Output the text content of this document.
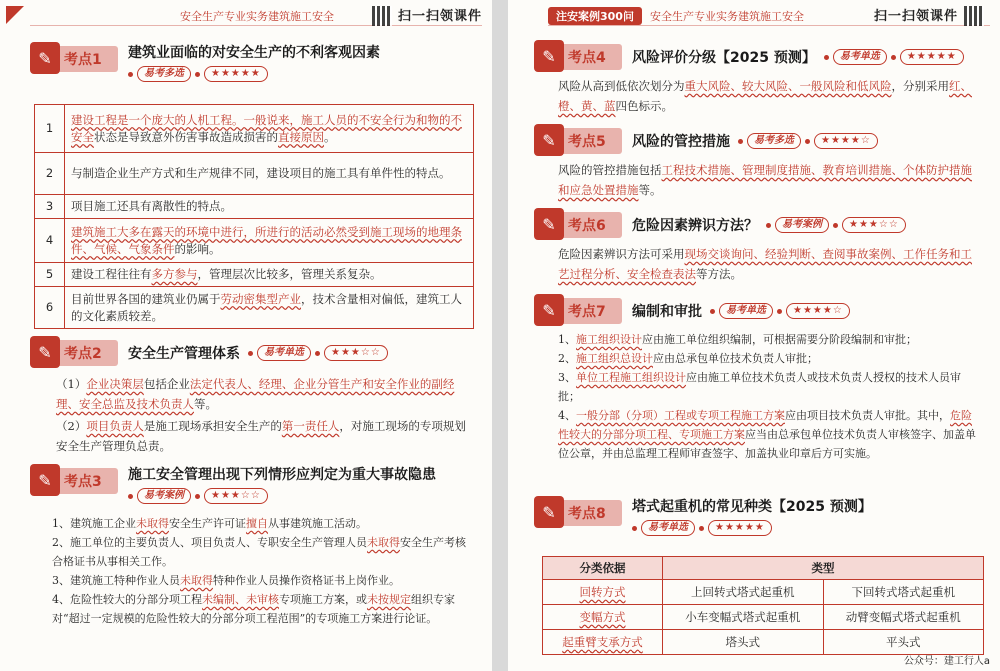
安全生产专业实务建筑施工安全	扫一扫领课件
✎ 考点1 建筑业面临的对安全生产的不利客观因素
易考多选	★★★★★
1	建设工程是一个庞大的人机工程。一般说来，施工人员的不安全行为和物的不安全状态是导致意外伤害事故造成损害的直接原因。
2	与制造企业生产方式和生产规律不同，建设项目的施工具有单件性的特点。
3	项目施工还具有离散性的特点。
4	建筑施工大多在露天的环境中进行，所进行的活动必然受到施工现场的地理条件、气候、气象条件的影响。
5	建设工程往往有多方参与，管理层次比较多，管理关系复杂。
6	目前世界各国的建筑业仍属于劳动密集型产业，技术含量相对偏低，建筑工人的文化素质较差。
✎ 考点2 安全生产管理体系	易考单选	★★★☆☆

（1）企业决策层包括企业法定代表人、经理、企业分管生产和安全作业的副经理、安全总监及技术负责人等。

（2）项目负责人是施工现场承担安全生产的第一责任人，对施工现场的专项规划安全生产管理负总责。

✎ 考点3 施工安全管理出现下列情形应判定为重大事故隐患
易考案例	★★★☆☆

1、建筑施工企业未取得安全生产许可证擅自从事建筑施工活动。

2、施工单位的主要负责人、项目负责人、专职安全生产管理人员未取得安全生产考核合格证书从事相关工作。

3、建筑施工特种作业人员未取得特种作业人员操作资格证书上岗作业。

4、危险性较大的分部分项工程未编制、未审核专项施工方案，或未按规定组织专家对“超过一定规模的危险性较大的分部分项工程范围”的专项施工方案进行论证。

注安案例300问	安全生产专业实务建筑施工安全	扫一扫领课件
✎ 考点4 风险评价分级【2025 预测】	易考单选	★★★★★

风险从高到低依次划分为重大风险、较大风险、一般风险和低风险，分别采用红、橙、黄、蓝四色标示。

✎ 考点5 风险的管控措施	易考多选	★★★★☆

风险的管控措施包括工程技术措施、管理制度措施、教育培训措施、个体防护措施和应急处置措施等。

✎ 考点6 危险因素辨识方法？	易考案例	★★★☆☆

危险因素辨识方法可采用现场交谈询问、经验判断、查阅事故案例、工作任务和工艺过程分析、安全检查表法等方法。

✎ 考点7 编制和审批	易考单选	★★★★☆

1、施工组织设计应由施工单位组织编制，可根据需要分阶段编制和审批；

2、施工组织总设计应由总承包单位技术负责人审批；

3、单位工程施工组织设计应由施工单位技术负责人或技术负责人授权的技术人员审批；

4、一般分部（分项）工程或专项工程施工方案应由项目技术负责人审批。其中，危险性较大的分部分项工程、专项施工方案应当由总承包单位技术负责人审核签字、加盖单位公章，并由总监理工程师审查签字、加盖执业印章后方可实施。

✎ 考点8 塔式起重机的常见种类【2025 预测】
易考单选	★★★★★
分类依据	类型	
回转方式	上回转式塔式起重机	下回转式塔式起重机
变幅方式	小车变幅式塔式起重机	动臂变幅式塔式起重机
起重臂支承方式	塔头式	平头式
公众号：建工行人a
